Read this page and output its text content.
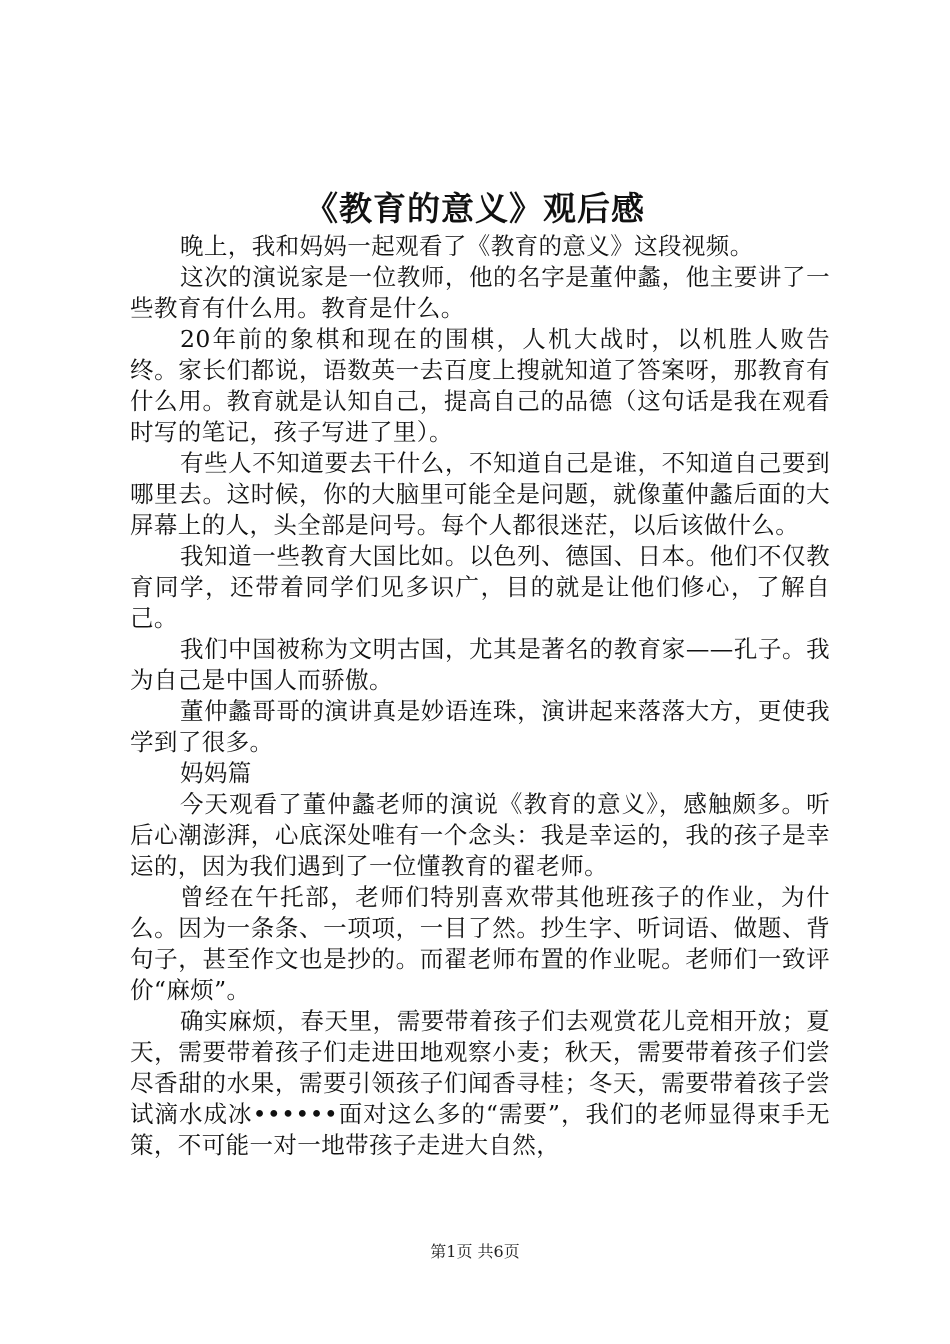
《教育的意义》观后感

晚上，我和妈妈一起观看了《教育的意义》这段视频。

这次的演说家是一位教师，他的名字是董仲蠡，他主要讲了一些教育有什么用。教育是什么。

20年前的象棋和现在的围棋，人机大战时，以机胜人败告终。家长们都说，语数英一去百度上搜就知道了答案呀，那教育有什么用。教育就是认知自己，提高自己的品德（这句话是我在观看时写的笔记，孩子写进了里）。

有些人不知道要去干什么，不知道自己是谁，不知道自己要到哪里去。这时候，你的大脑里可能全是问题，就像董仲蠡后面的大屏幕上的人，头全部是问号。每个人都很迷茫，以后该做什么。

我知道一些教育大国比如。以色列、德国、日本。他们不仅教育同学，还带着同学们见多识广，目的就是让他们修心，了解自己。

我们中国被称为文明古国，尤其是著名的教育家——孔子。我为自己是中国人而骄傲。

董仲蠡哥哥的演讲真是妙语连珠，演讲起来落落大方，更使我学到了很多。

妈妈篇

今天观看了董仲蠡老师的演说《教育的意义》，感触颇多。听后心潮澎湃，心底深处唯有一个念头：我是幸运的，我的孩子是幸运的，因为我们遇到了一位懂教育的翟老师。

曾经在午托部，老师们特别喜欢带其他班孩子的作业，为什么。因为一条条、一项项，一目了然。抄生字、听词语、做题、背句子，甚至作文也是抄的。而翟老师布置的作业呢。老师们一致评价“麻烦”。

确实麻烦，春天里，需要带着孩子们去观赏花儿竞相开放；夏天，需要带着孩子们走进田地观察小麦；秋天，需要带着孩子们尝尽香甜的水果，需要引领孩子们闻香寻桂；冬天，需要带着孩子尝试滴水成冰••••••面对这么多的“需要”，我们的老师显得束手无策，不可能一对一地带孩子走进大自然，

第1页 共6页
